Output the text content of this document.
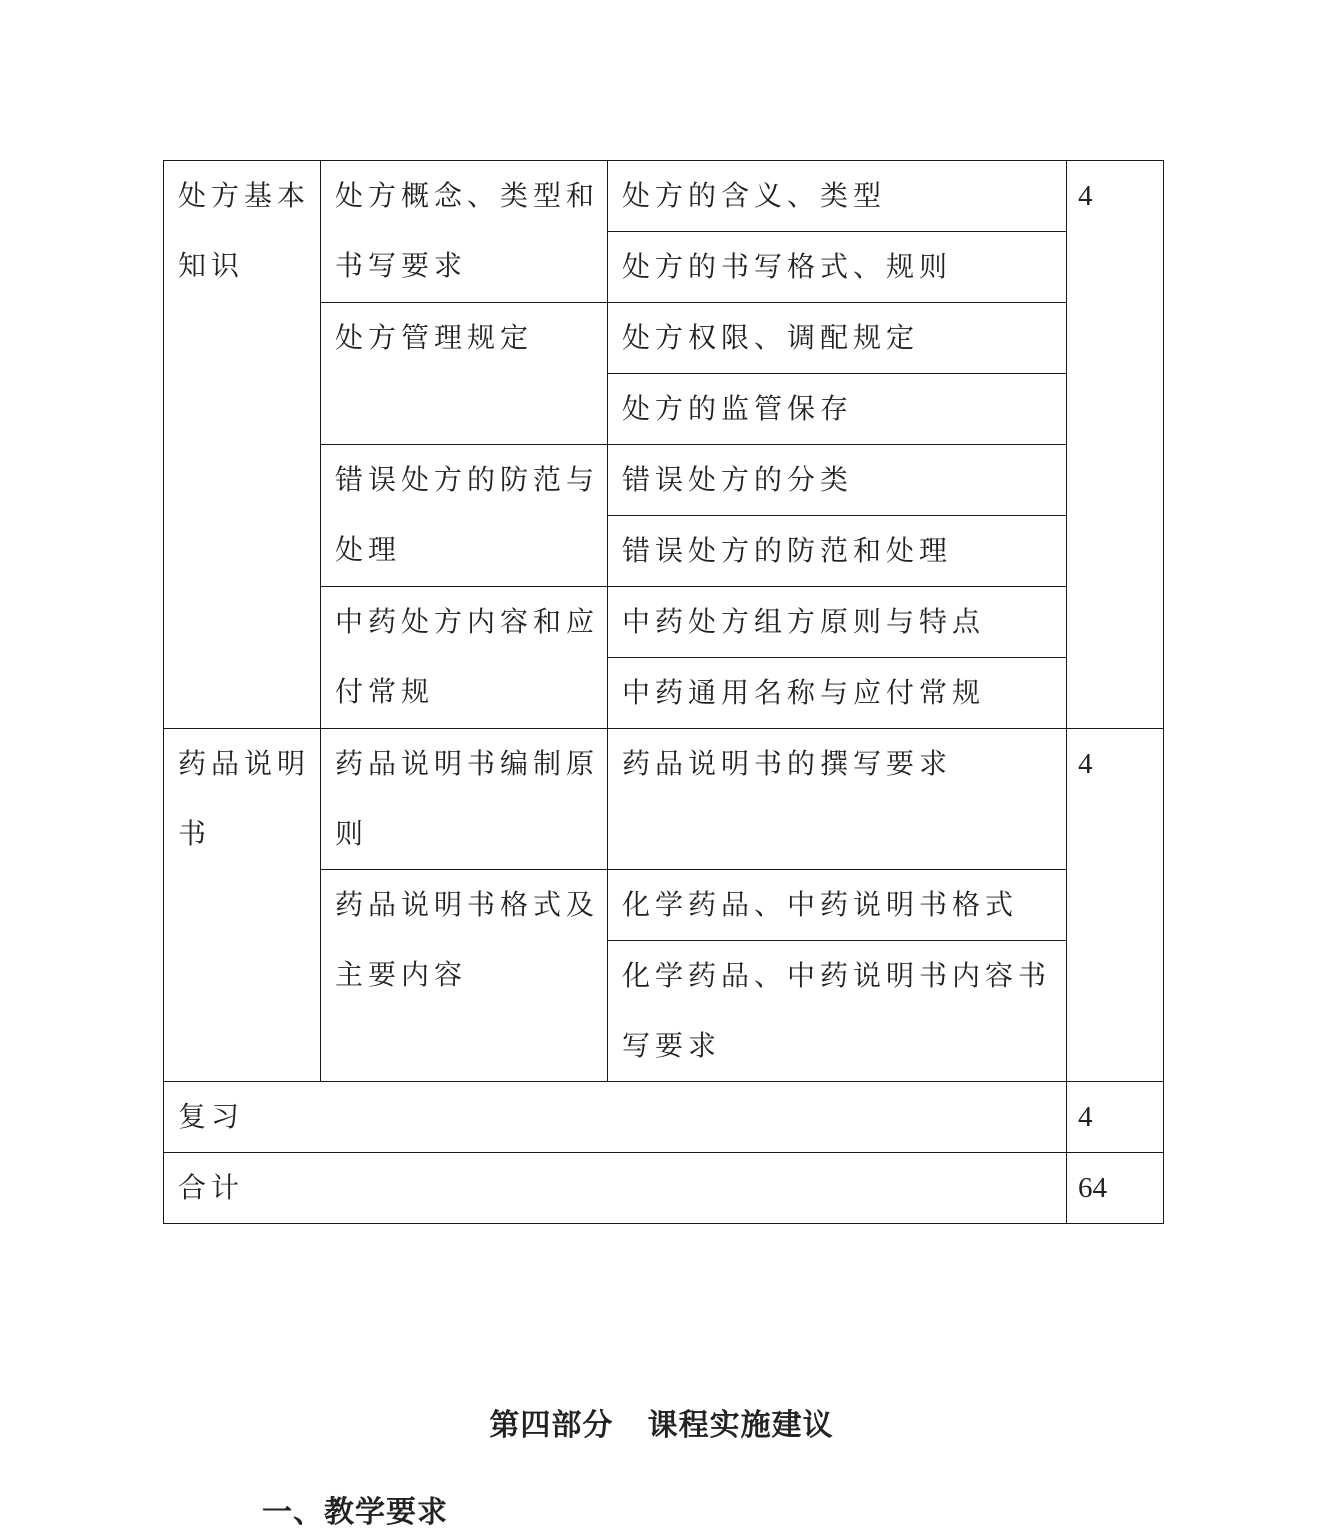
处方基本知识	处方概念、类型和书写要求	处方的含义、类型	4
		处方的书写格式、规则	
	处方管理规定	处方权限、调配规定	
		处方的监管保存	
	错误处方的防范与处理	错误处方的分类	
		错误处方的防范和处理	
	中药处方内容和应付常规	中药处方组方原则与特点	
		中药通用名称与应付常规	
药品说明书	药品说明书编制原则	药品说明书的撰写要求	4
	药品说明书格式及主要内容	化学药品、中药说明书格式	
		化学药品、中药说明书内容书写要求	
复习			4
合计			64
第四部分   课程实施建议
一、教学要求
